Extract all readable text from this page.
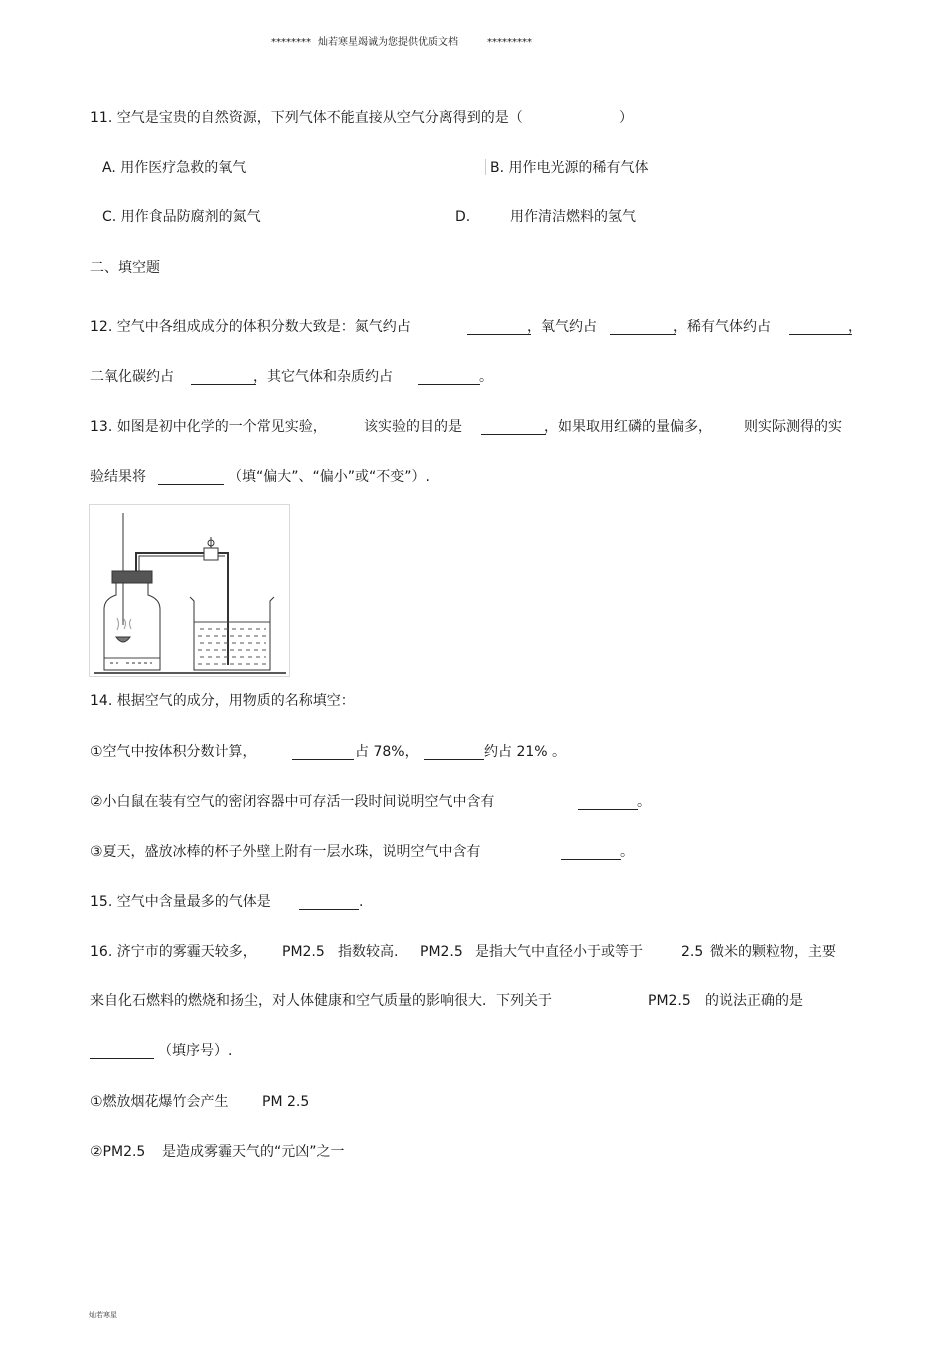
******** 灿若寒星竭诚为您提供优质文档	*********
11. 空气是宝贵的自然资源，下列气体不能直接从空气分离得到的是（	）
A. 用作医疗急救的氧气	B. 用作电光源的稀有气体
C. 用作食品防腐剂的氮气	D.	用作清洁燃料的氢气
二、填空题
12. 空气中各组成成分的体积分数大致是：氮气约占	，氧气约占	，稀有气体约占	，
二氧化碳约占	，其它气体和杂质约占	。
13. 如图是初中化学的一个常见实验，	该实验的目的是	，如果取用红磷的量偏多， 则实际测得的实
验结果将	（填“偏大”、“偏小”或“不变”）.
14. 根据空气的成分，用物质的名称填空：
①空气中按体积分数计算，	占 78%，	约占 21% 。
②小白鼠在装有空气的密闭容器中可存活一段时间说明空气中含有	。
③夏天，盛放冰棒的杯子外壁上附有一层水珠，说明空气中含有	。
15. 空气中含量最多的气体是	.
16. 济宁市的雾霾天较多， PM2.5 指数较高. PM2.5 是指大气中直径小于或等于	2.5 微米的颗粒物，主要
来自化石燃料的燃烧和扬尘，对人体健康和空气质量的影响很大．下列关于	PM2.5 的说法正确的是
（填序号）.
①燃放烟花爆竹会产生 PM 2.5
②PM2.5 是造成雾霾天气的“元凶”之一
灿若寒星
